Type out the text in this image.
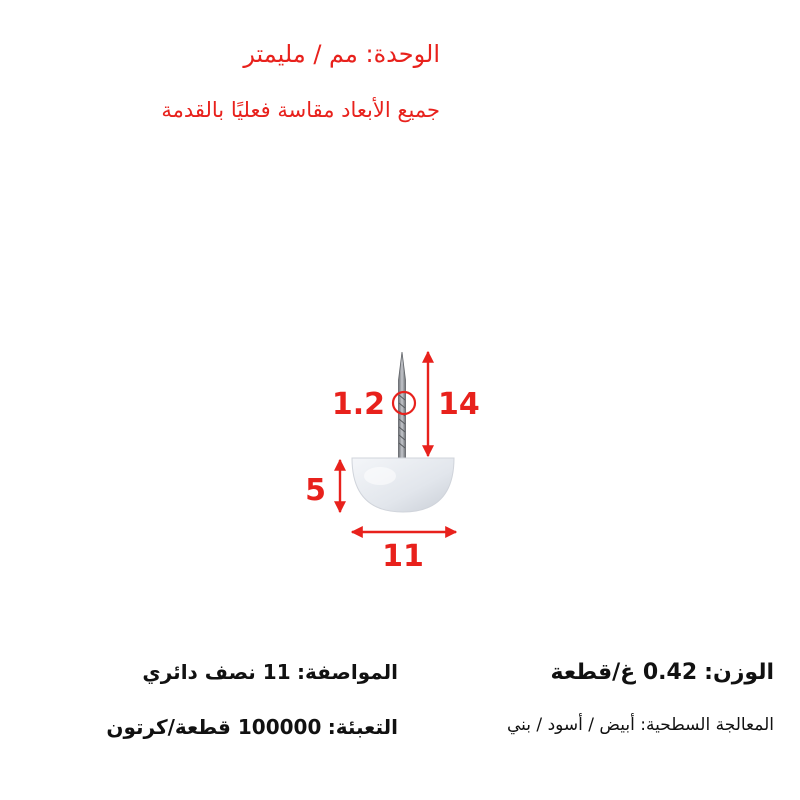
الوحدة: مم / مليمتر
جميع الأبعاد مقاسة فعليًا بالقدمة
1.2 14
5
11
الوزن: 0.42 غ/قطعة
المعالجة السطحية: أبيض / أسود / بني
المواصفة: 11 نصف دائري
التعبئة: 100000 قطعة/كرتون
